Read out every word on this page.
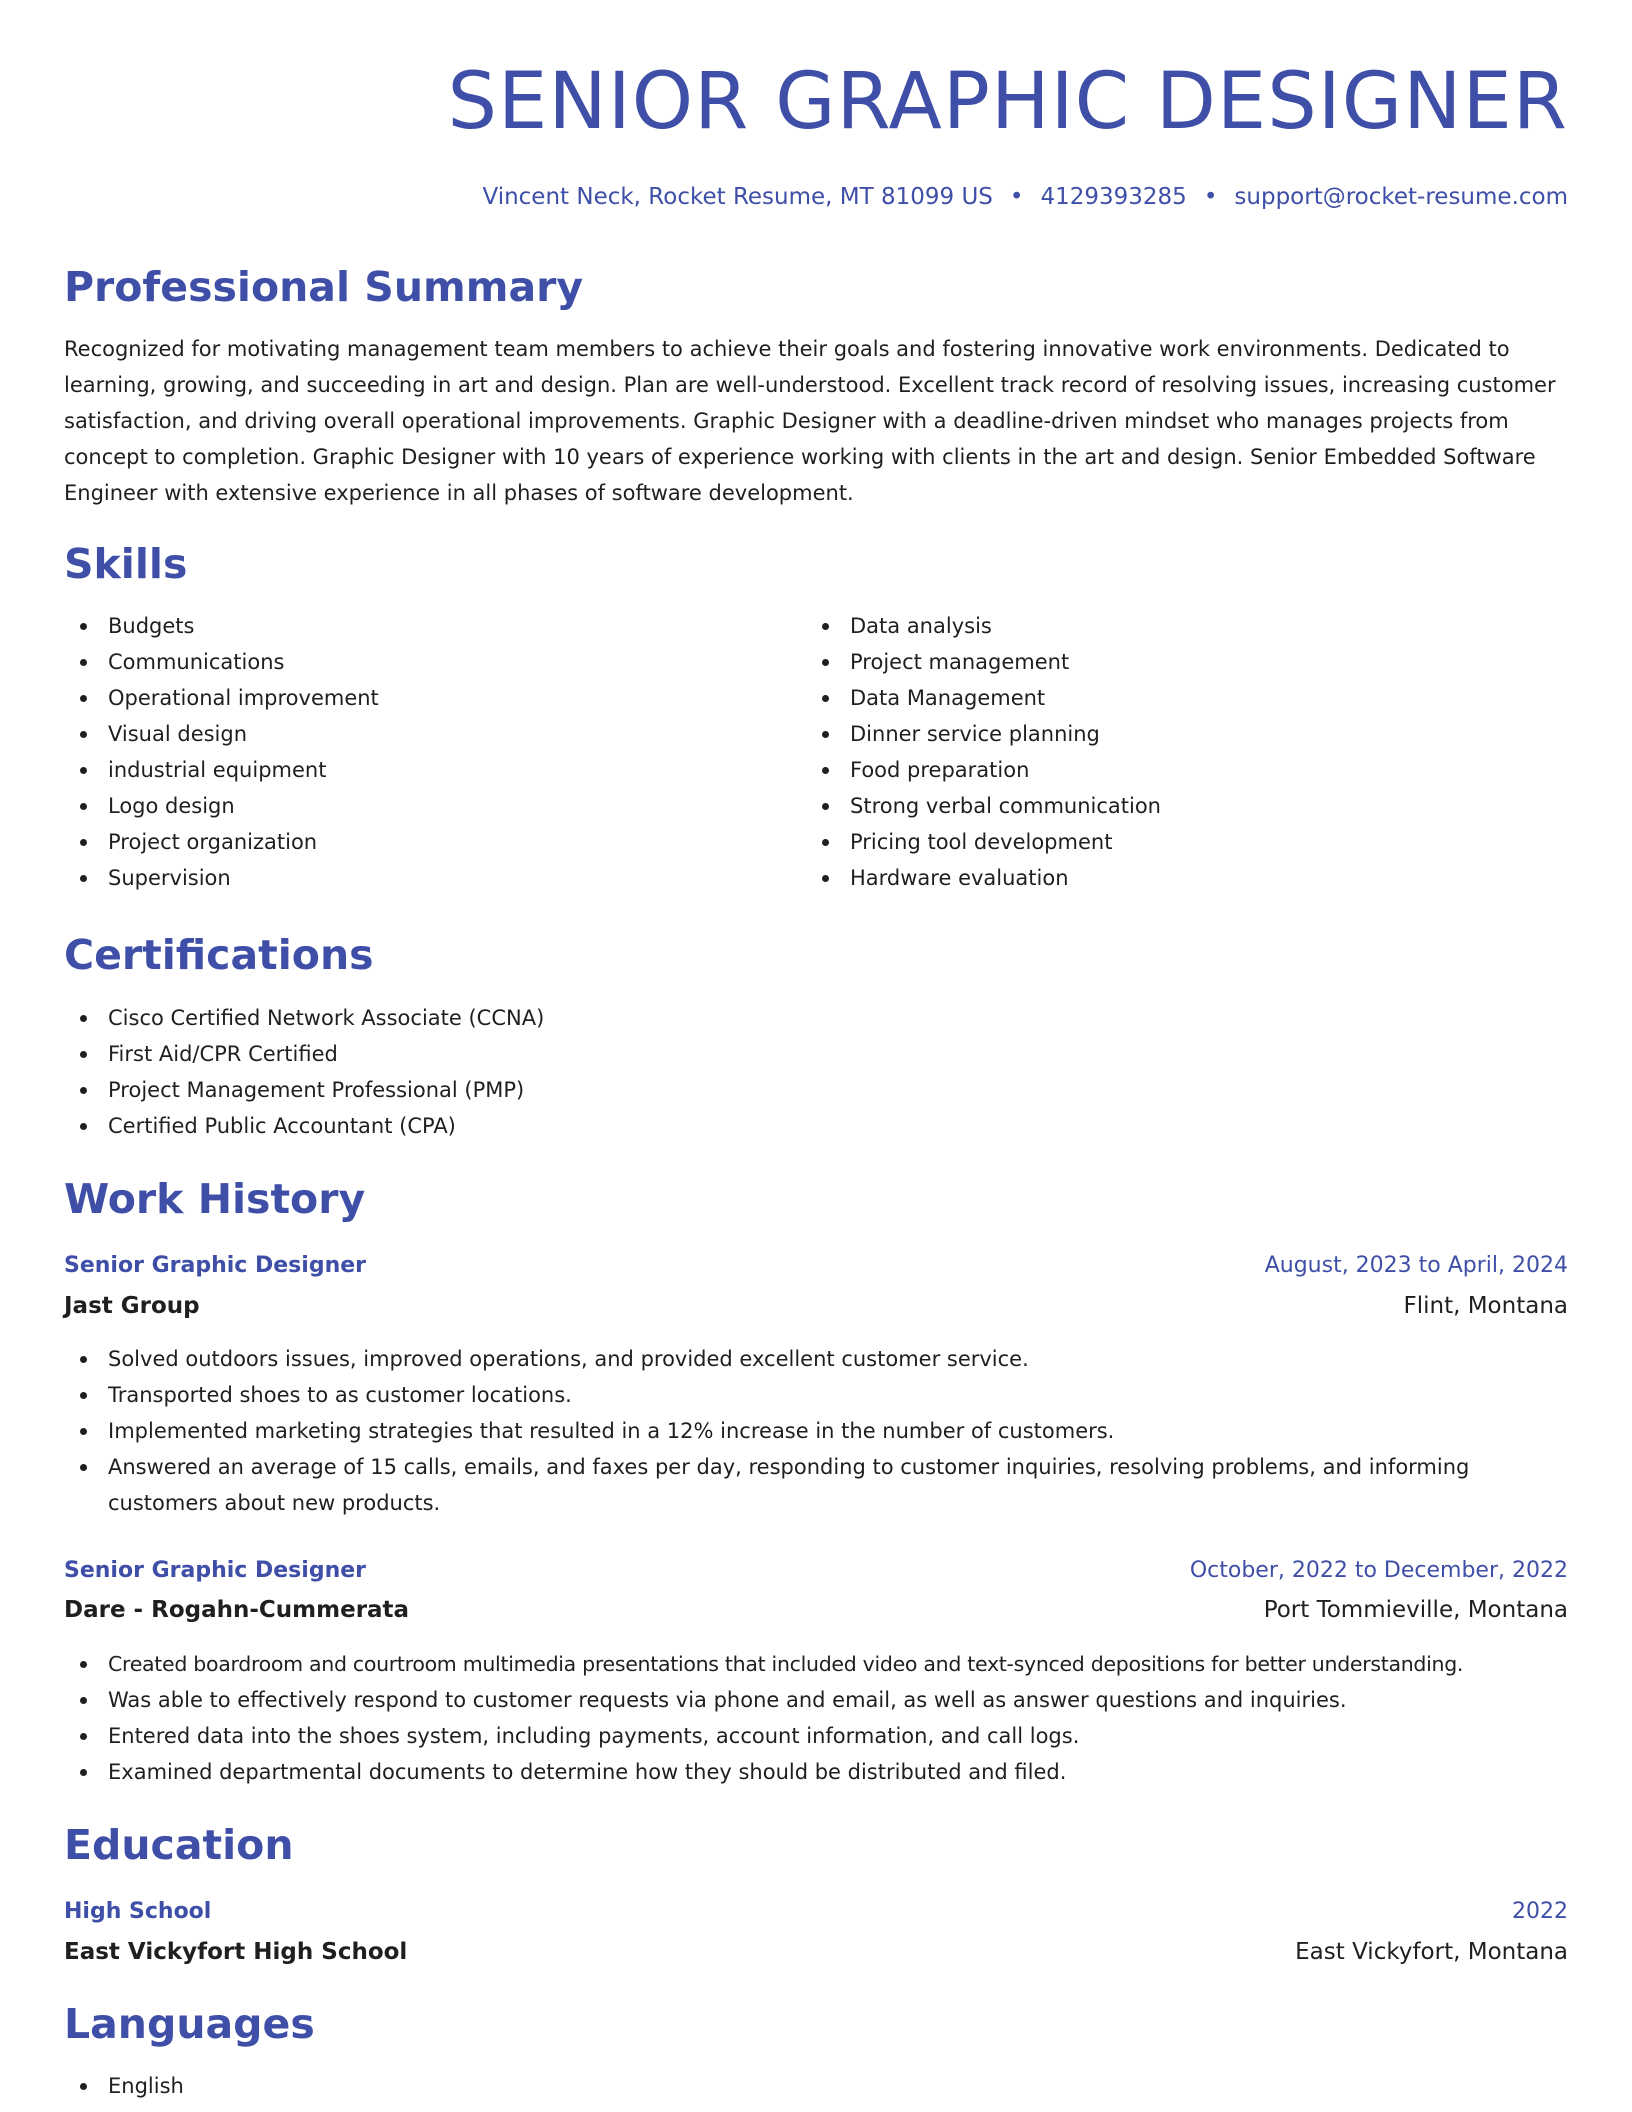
SENIOR GRAPHIC DESIGNER
Vincent Neck, Rocket Resume, MT 81099 US • 4129393285 • support@rocket-resume.com
Professional Summary

Recognized for motivating management team members to achieve their goals and fostering innovative work environments. Dedicated to learning, growing, and succeeding in art and design. Plan are well-understood. Excellent track record of resolving issues, increasing customer satisfaction, and driving overall operational improvements. Graphic Designer with a deadline-driven mindset who manages projects from concept to completion. Graphic Designer with 10 years of experience working with clients in the art and design. Senior Embedded Software Engineer with extensive experience in all phases of software development.

Skills
Budgets
Communications
Operational improvement
Visual design
industrial equipment
Logo design
Project organization
Supervision
Data analysis
Project management
Data Management
Dinner service planning
Food preparation
Strong verbal communication
Pricing tool development
Hardware evaluation
Certifications
Cisco Certified Network Associate (CCNA)
First Aid/CPR Certified
Project Management Professional (PMP)
Certified Public Accountant (CPA)
Work History
Senior Graphic Designer	August, 2023 to April, 2024
Jast Group	Flint, Montana
Solved outdoors issues, improved operations, and provided excellent customer service.
Transported shoes to as customer locations.
Implemented marketing strategies that resulted in a 12% increase in the number of customers.
Answered an average of 15 calls, emails, and faxes per day, responding to customer inquiries, resolving problems, and informing customers about new products.
Senior Graphic Designer	October, 2022 to December, 2022
Dare - Rogahn-Cummerata	Port Tommieville, Montana
Created boardroom and courtroom multimedia presentations that included video and text-synced depositions for better understanding.
Was able to effectively respond to customer requests via phone and email, as well as answer questions and inquiries.
Entered data into the shoes system, including payments, account information, and call logs.
Examined departmental documents to determine how they should be distributed and filed.
Education
High School	2022
East Vickyfort High School	East Vickyfort, Montana
Languages
English
